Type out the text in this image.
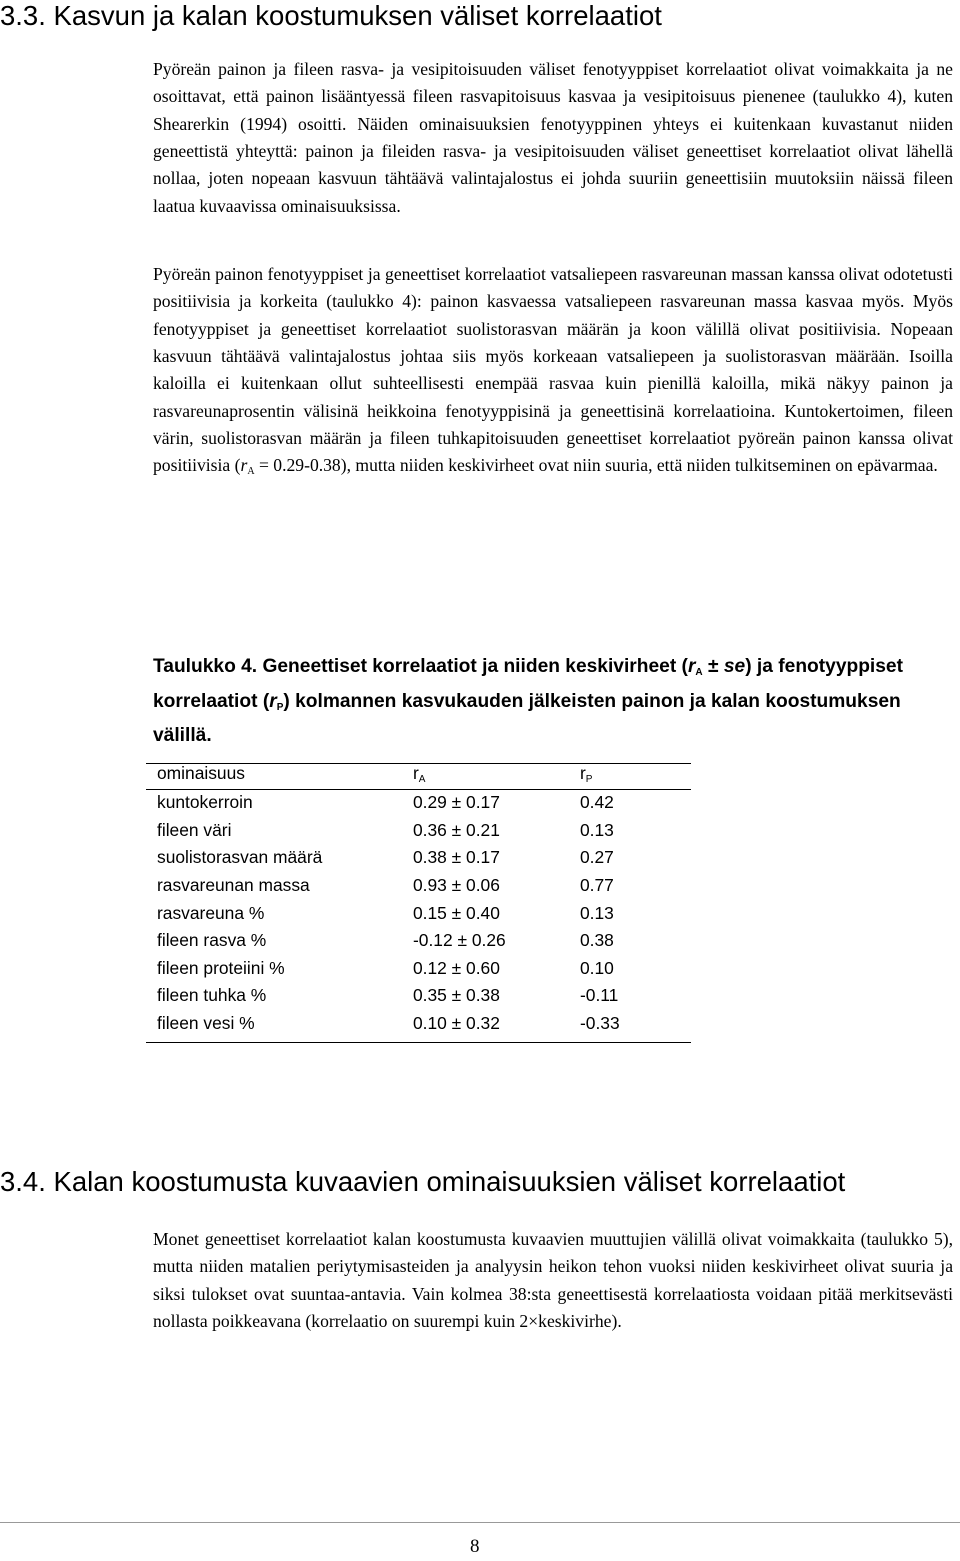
3.3. Kasvun ja kalan koostumuksen väliset korrelaatiot

Pyöreän painon ja fileen rasva- ja vesipitoisuuden väliset fenotyyppiset korrelaatiot olivat voimakkaita ja ne osoittavat, että painon lisääntyessä fileen rasvapitoisuus kasvaa ja vesipitoisuus pienenee (taulukko 4), kuten Shearerkin (1994) osoitti. Näiden ominaisuuksien fenotyyppinen yhteys ei kuitenkaan kuvastanut niiden geneettistä yhteyttä: painon ja fileiden rasva- ja vesipitoisuuden väliset geneettiset korrelaatiot olivat lähellä nollaa, joten nopeaan kasvuun tähtäävä valintajalostus ei johda suuriin geneettisiin muutoksiin näissä fileen laatua kuvaavissa ominaisuuksissa.

Pyöreän painon fenotyyppiset ja geneettiset korrelaatiot vatsaliepeen rasvareunan massan kanssa olivat odotetusti positiivisia ja korkeita (taulukko 4): painon kasvaessa vatsaliepeen rasvareunan massa kasvaa myös. Myös fenotyyppiset ja geneettiset korrelaatiot suolistorasvan määrän ja koon välillä olivat positiivisia. Nopeaan kasvuun tähtäävä valintajalostus johtaa siis myös korkeaan vatsaliepeen ja suolistorasvan määrään. Isoilla kaloilla ei kuitenkaan ollut suhteellisesti enempää rasvaa kuin pienillä kaloilla, mikä näkyy painon ja rasvareunaprosentin välisinä heikkoina fenotyyppisinä ja geneettisinä korrelaatioina. Kuntokertoimen, fileen värin, suolistorasvan määrän ja fileen tuhkapitoisuuden geneettiset korrelaatiot pyöreän painon kanssa olivat positiivisia $(r_A = 0.29-0.38)$, mutta niiden keskivirheet ovat niin suuria, että niiden tulkitseminen on epävarmaa.

Taulukko 4. Geneettiset korrelaatiot ja niiden keskivirheet $(r_A \pm se)$ ja fenotyyppiset korrelaatiot $(r_P)$ kolmannen kasvukauden jälkeisten painon ja kalan koostumuksen välillä.

ominaisuus	$r_A$	$r_P$
kuntokerroin	0.29 ± 0.17	0.42
fileen väri	0.36 ± 0.21	0.13
suolistorasvan määrä	0.38 ± 0.17	0.27
rasvareunan massa	0.93 ± 0.06	0.77
rasvareuna %	0.15 ± 0.40	0.13
fileen rasva %	-0.12 ± 0.26	0.38
fileen proteiini %	0.12 ± 0.60	0.10
fileen tuhka %	0.35 ± 0.38	-0.11
fileen vesi %	0.10 ± 0.32	-0.33
3.4. Kalan koostumusta kuvaavien ominaisuuksien väliset korrelaatiot

Monet geneettiset korrelaatiot kalan koostumusta kuvaavien muuttujien välillä olivat voimakkaita (taulukko 5), mutta niiden matalien periytymisasteiden ja analyysin heikon tehon vuoksi niiden keskivirheet olivat suuria ja siksi tulokset ovat suuntaa-antavia. Vain kolmea 38:sta geneettisestä korrelaatiosta voidaan pitää merkitsevästi nollasta poikkeavana (korrelaatio on suurempi kuin 2×keskivirhe).

8
